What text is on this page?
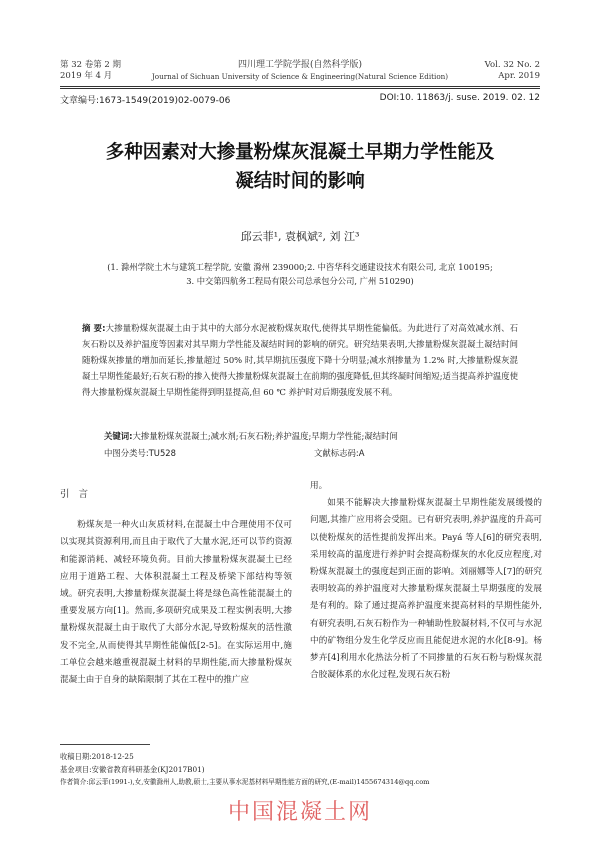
第 32 卷第 2 期
2019 年 4 月
四川理工学院学报(自然科学版)
Journal of Sichuan University of Science & Engineering(Natural Science Edition)
Vol. 32 No. 2
Apr. 2019
文章编号:1673-1549(2019)02-0079-06	DOI:10. 11863/j. suse. 2019. 02. 12
多种因素对大掺量粉煤灰混凝土早期力学性能及
凝结时间的影响
邱云菲¹, 袁枫斌², 刘 江³
(1. 滁州学院土木与建筑工程学院, 安徽 滁州 239000;2. 中咨华科交通建设技术有限公司, 北京 100195;
3. 中交第四航务工程局有限公司总承包分公司, 广州 510290)
摘 要:大掺量粉煤灰混凝土由于其中的大部分水泥被粉煤灰取代,使得其早期性能偏低。为此进行了对高效减水剂、石灰石粉以及养护温度等因素对其早期力学性能及凝结时间的影响的研究。研究结果表明,大掺量粉煤灰混凝土凝结时间随粉煤灰掺量的增加而延长,掺量超过 50% 时,其早期抗压强度下降十分明显;减水剂掺量为 1.2% 时,大掺量粉煤灰混凝土早期性能最好;石灰石粉的掺入使得大掺量粉煤灰混凝土在前期的强度降低,但其终凝时间缩短;适当提高养护温度使得大掺量粉煤灰混凝土早期性能得到明显提高,但 60 ℃ 养护时对后期强度发展不利。
关键词:大掺量粉煤灰混凝土;减水剂;石灰石粉;养护温度;早期力学性能;凝结时间
中图分类号:TU528	文献标志码:A
引 言

粉煤灰是一种火山灰质材料,在混凝土中合理使用不仅可以实现其资源利用,而且由于取代了大量水泥,还可以节约资源和能源消耗、减轻环境负荷。目前大掺量粉煤灰混凝土已经应用于道路工程、大体积混凝土工程及桥梁下部结构等领域。研究表明,大掺量粉煤灰混凝土将是绿色高性能混凝土的重要发展方向[1]。然而,多项研究成果及工程实例表明,大掺量粉煤灰混凝土由于取代了大部分水泥,导致粉煤灰的活性激发不完全,从而使得其早期性能偏低[2-5]。在实际运用中,施工单位会越来越重视混凝土材料的早期性能,而大掺量粉煤灰混凝土由于自身的缺陷限制了其在工程中的推广应

用。

如果不能解决大掺量粉煤灰混凝土早期性能发展缓慢的问题,其推广应用将会受阻。已有研究表明,养护温度的升高可以使粉煤灰的活性提前发挥出来。Payá 等人[6]的研究表明,采用较高的温度进行养护时会提高粉煤灰的水化反应程度,对粉煤灰混凝土的强度起到正面的影响。刘丽娜等人[7]的研究表明较高的养护温度对大掺量粉煤灰混凝土早期强度的发展是有利的。除了通过提高养护温度来提高材料的早期性能外,有研究表明,石灰石粉作为一种辅助性胶凝材料,不仅可与水泥中的矿物组分发生化学反应而且能促进水泥的水化[8-9]。杨梦卉[4]利用水化热法分析了不同掺量的石灰石粉与粉煤灰混合胶凝体系的水化过程,发现石灰石粉

收稿日期:2018-12-25
基金项目:安徽省教育科研基金(KJ2017B01)
作者简介:邱云菲(1991-),女,安徽滁州人,助教,硕士,主要从事水泥基材料早期性能方面的研究,(E-mail)1455674314@qq.com
中国混凝土网
